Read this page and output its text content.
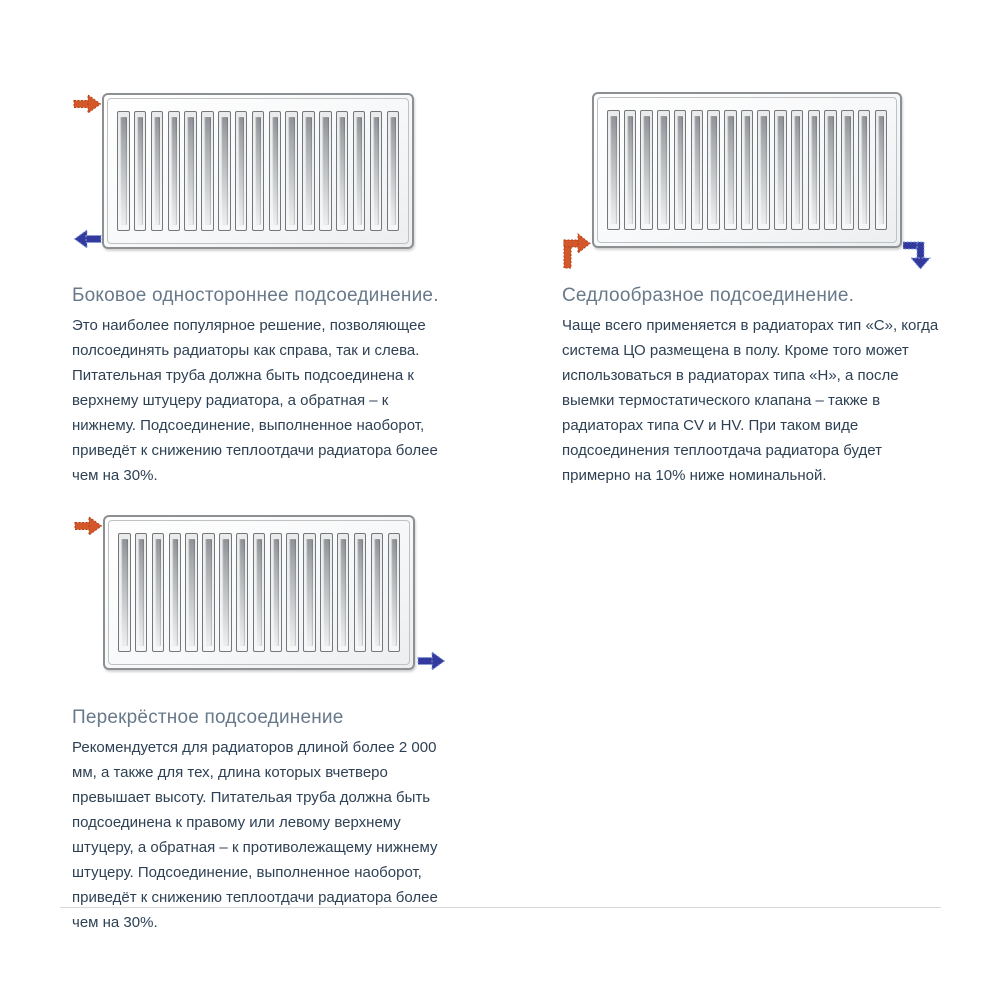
Боковое одностороннее подсоединение.

Это наиболее популярное решение, позволяющее полсоединять радиаторы как справа, так и слева. Питательная труба должна быть подсоединена к верхнему штуцеру радиатора, а обратная – к нижнему. Подсоединение, выполненное наоборот, приведёт к снижению теплоотдачи радиатора более чем на 30%.

Седлообразное подсоединение.

Чаще всего применяется в радиаторах тип «С», когда система ЦО размещена в полу. Кроме того может использоваться в радиаторах типа «Н», а после выемки термостатического клапана – также в радиаторах типа CV и HV. При таком виде подсоединения теплоотдача радиатора будет примерно на 10% ниже номинальной.

Перекрёстное подсоединение

Рекомендуется для радиаторов длиной более 2 000 мм, а также для тех, длина которых вчетверо превышает высоту. Питательая труба должна быть подсоединена к правому или левому верхнему штуцеру, а обратная – к противолежащему нижнему штуцеру. Подсоединение, выполненное наоборот, приведёт к снижению теплоотдачи радиатора более чем на 30%.
